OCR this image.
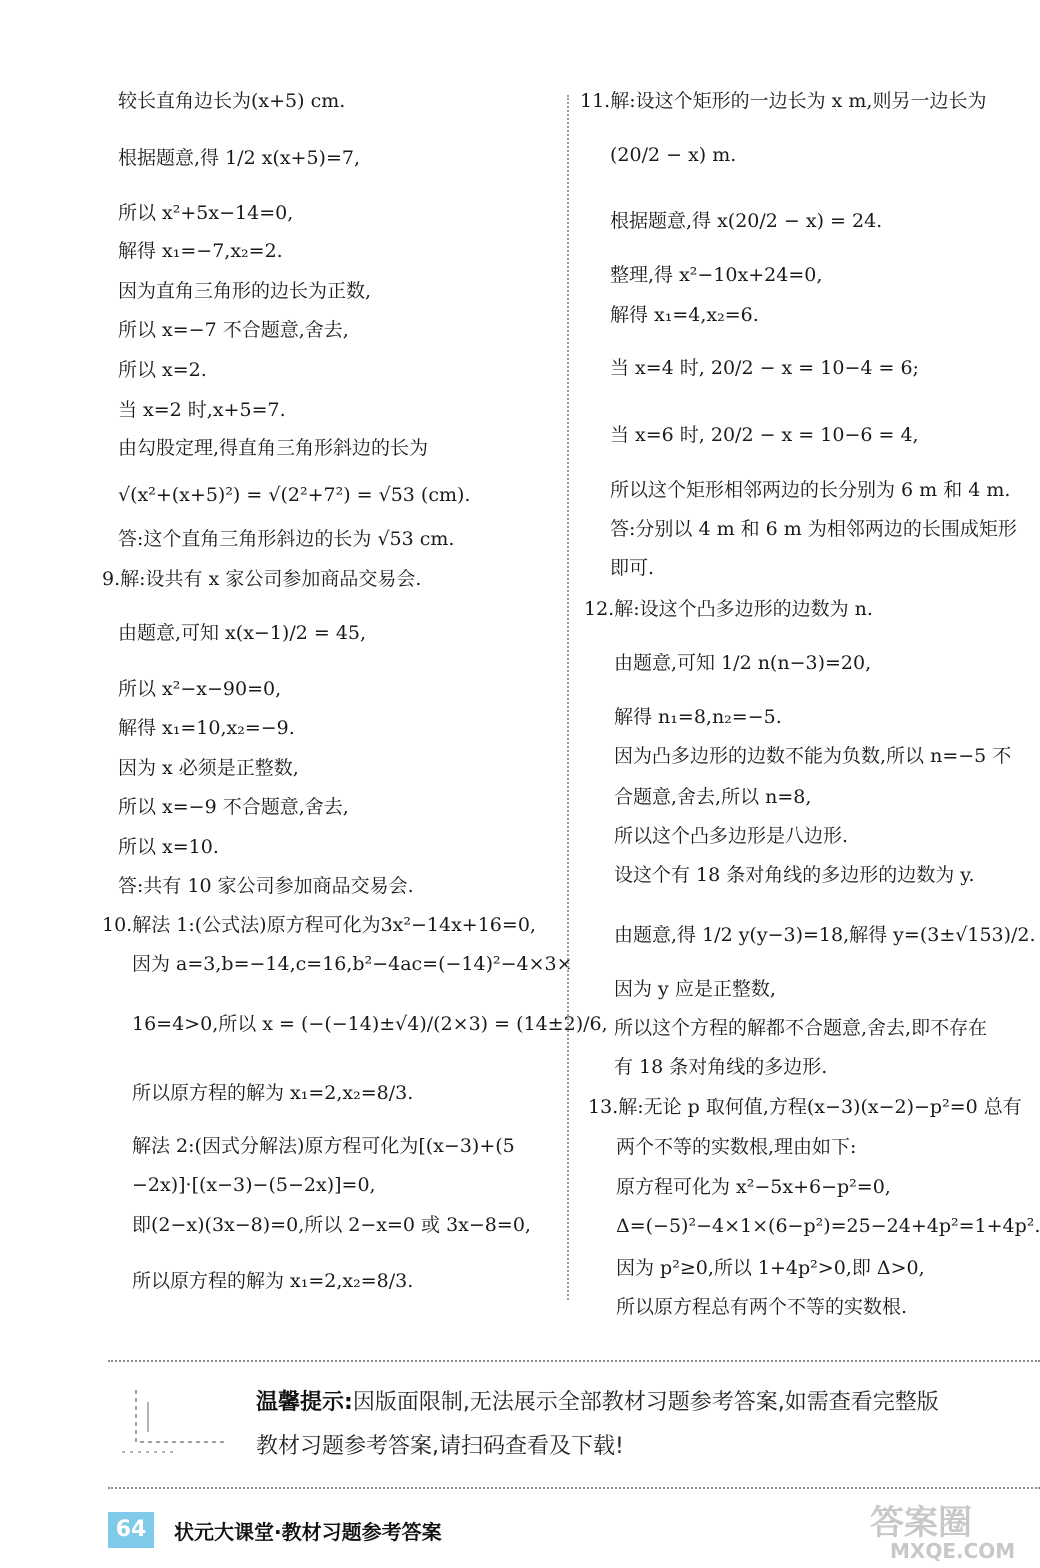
较长直角边长为(x+5) cm.
根据题意,得 1/2 x(x+5)=7,
所以 x²+5x−14=0,
解得 x₁=−7,x₂=2.
因为直角三角形的边长为正数,
所以 x=−7 不合题意,舍去,
所以 x=2.
当 x=2 时,x+5=7.
由勾股定理,得直角三角形斜边的长为
√(x²+(x+5)²) = √(2²+7²) = √53 (cm).
答:这个直角三角形斜边的长为 √53 cm.
9.解:设共有 x 家公司参加商品交易会.
由题意,可知 x(x−1)/2 = 45,
所以 x²−x−90=0,
解得 x₁=10,x₂=−9.
因为 x 必须是正整数,
所以 x=−9 不合题意,舍去,
所以 x=10.
答:共有 10 家公司参加商品交易会.
10.解法 1:(公式法)原方程可化为3x²−14x+16=0,
因为 a=3,b=−14,c=16,b²−4ac=(−14)²−4×3×
16=4>0,所以 x = (−(−14)±√4)/(2×3) = (14±2)/6,
所以原方程的解为 x₁=2,x₂=8/3.
解法 2:(因式分解法)原方程可化为[(x−3)+(5
−2x)]·[(x−3)−(5−2x)]=0,
即(2−x)(3x−8)=0,所以 2−x=0 或 3x−8=0,
所以原方程的解为 x₁=2,x₂=8/3.
11.解:设这个矩形的一边长为 x m,则另一边长为
(20/2 − x) m.
根据题意,得 x(20/2 − x) = 24.
整理,得 x²−10x+24=0,
解得 x₁=4,x₂=6.
当 x=4 时, 20/2 − x = 10−4 = 6;
当 x=6 时, 20/2 − x = 10−6 = 4,
所以这个矩形相邻两边的长分别为 6 m 和 4 m.
答:分别以 4 m 和 6 m 为相邻两边的长围成矩形
即可.
12.解:设这个凸多边形的边数为 n.
由题意,可知 1/2 n(n−3)=20,
解得 n₁=8,n₂=−5.
因为凸多边形的边数不能为负数,所以 n=−5 不
合题意,舍去,所以 n=8,
所以这个凸多边形是八边形.
设这个有 18 条对角线的多边形的边数为 y.
由题意,得 1/2 y(y−3)=18,解得 y=(3±√153)/2.
因为 y 应是正整数,
所以这个方程的解都不合题意,舍去,即不存在
有 18 条对角线的多边形.
13.解:无论 p 取何值,方程(x−3)(x−2)−p²=0 总有
两个不等的实数根,理由如下:
原方程可化为 x²−5x+6−p²=0,
Δ=(−5)²−4×1×(6−p²)=25−24+4p²=1+4p².
因为 p²≥0,所以 1+4p²>0,即 Δ>0,
所以原方程总有两个不等的实数根.
温馨提示:因版面限制,无法展示全部教材习题参考答案,如需查看完整版
教材习题参考答案,请扫码查看及下载!
64	状元大课堂·教材习题参考答案	答案圈
MXQE.COM
